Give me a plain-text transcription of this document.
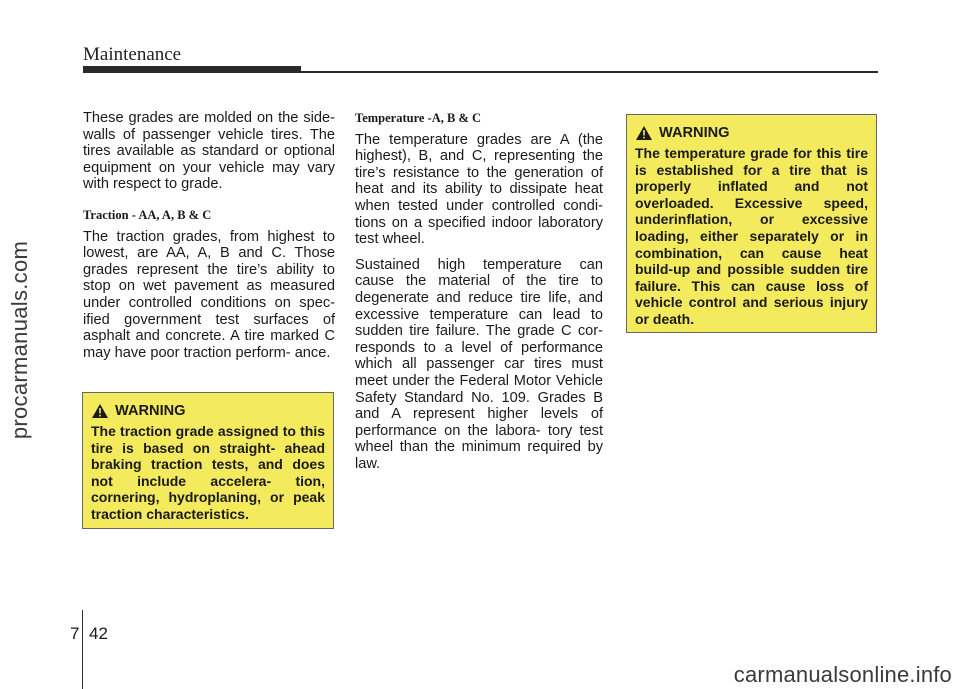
Maintenance
procarmanuals.com

These grades are molded on the side-walls of passenger vehicle tires. The tires available as standard or optional equipment on your vehicle may vary with respect to grade.

Traction - AA, A, B & C

The traction grades, from highest to lowest, are AA, A, B and C. Those grades represent the tire’s ability to stop on wet pavement as measured under controlled conditions on spec- ified government test surfaces of asphalt and concrete. A tire marked C may have poor traction perform- ance.

WARNING
The traction grade assigned to this tire is based on straight- ahead braking traction tests, and does not include accelera- tion, cornering, hydroplaning, or peak traction characteristics.
Temperature -A, B & C

The temperature grades are A (the highest), B, and C, representing the tire’s resistance to the generation of heat and its ability to dissipate heat when tested under controlled condi- tions on a specified indoor laboratory test wheel.

Sustained high temperature can cause the material of the tire to degenerate and reduce tire life, and excessive temperature can lead to sudden tire failure. The grade C cor- responds to a level of performance which all passenger car tires must meet under the Federal Motor Vehicle Safety Standard No. 109. Grades B and A represent higher levels of performance on the labora- tory test wheel than the minimum required by law.

WARNING
The temperature grade for this tire is established for a tire that is properly inflated and not overloaded. Excessive speed, underinflation, or excessive loading, either separately or in combination, can cause heat build-up and possible sudden tire failure. This can cause loss of vehicle control and serious injury or death.
7 42
carmanualsonline.info
